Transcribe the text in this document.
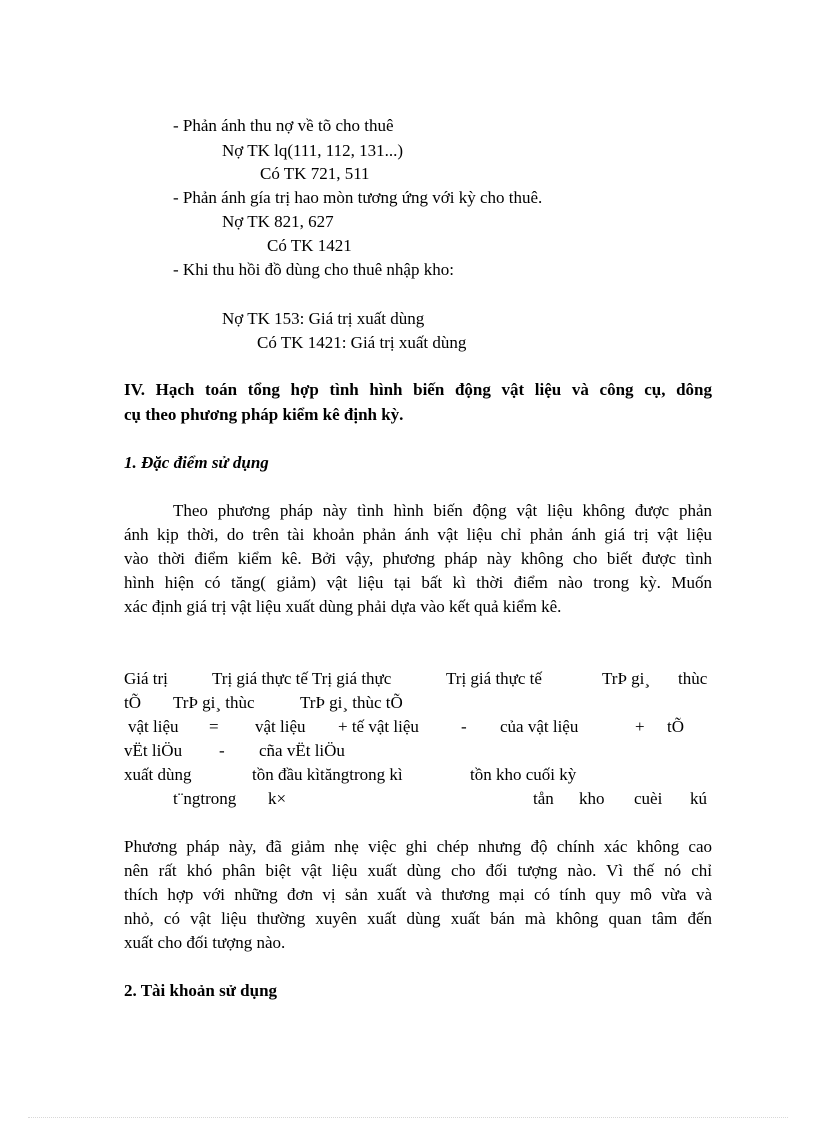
- Phản ánh thu nợ về tõ cho thuê
Nợ TK lq(111, 112, 131...)
Có TK 721, 511
- Phản ánh gía trị hao mòn tương ứng với kỳ cho thuê.
Nợ TK 821, 627
Có TK 1421
- Khi thu hồi đồ dùng cho thuê nhập kho:
Nợ TK 153: Giá trị xuất dùng
Có TK 1421: Giá trị xuất dùng
IV. Hạch toán tổng hợp tình hình biến động vật liệu và công cụ, dông
cụ theo phương pháp kiểm kê định kỳ.
1. Đặc điểm sử dụng
Theo phương pháp này tình hình biến động vật liệu không được phản
ánh kịp thời, do trên tài khoản phản ánh vật liệu chỉ phản ánh giá trị vật liệu
vào thời điểm kiểm kê. Bởi vậy, phương pháp này không cho biết được tình
hình hiện có tăng( giảm) vật liệu tại bất kì thời điểm nào trong kỳ. Muốn
xác định giá trị vật liệu xuất dùng phải dựa vào kết quả kiểm kê.
Giá trị	Trị giá thực tế Trị giá thực	Trị giá thực tế	TrÞ gi¸ thùc
tÕ TrÞ gi¸ thùc	TrÞ gi¸ thùc tÕ
vật liệu = vật liệu + tế vật liệu - của vật liệu	+ tÕ
vËt liÖu - cña vËt liÖu
xuất dùng	tồn đầu kìtăngtrong kì	tồn kho cuối kỳ
t¨ngtrong k×	tån kho cuèi kú
Phương pháp này, đã giảm nhẹ việc ghi chép nhưng độ chính xác không cao
nên rất khó phân biệt vật liệu xuất dùng cho đối tượng nào. Vì thế nó chỉ
thích hợp với những đơn vị sản xuất và thương mại có tính quy mô vừa và
nhỏ, có vật liệu thường xuyên xuất dùng xuất bán mà không quan tâm đến
xuất cho đối tượng nào.
2. Tài khoản sử dụng
